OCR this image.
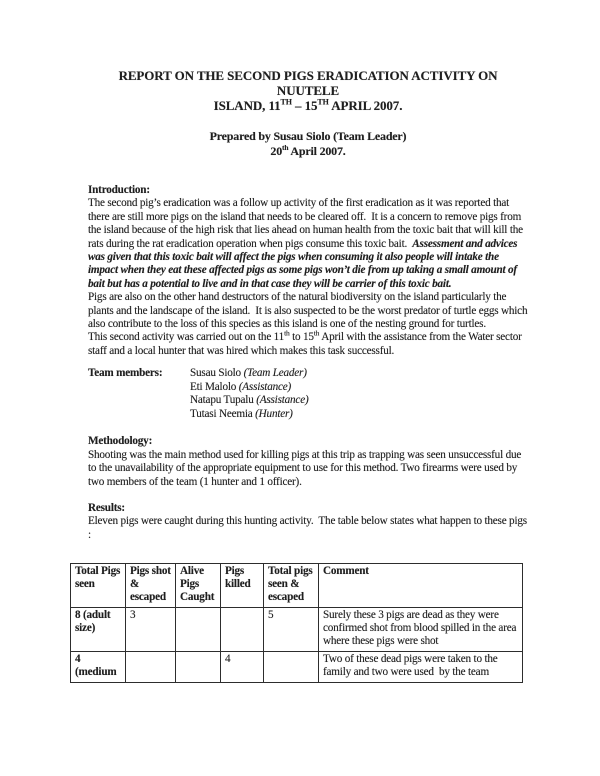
REPORT ON THE SECOND PIGS ERADICATION ACTIVITY ON NUUTELE
ISLAND, 11TH – 15TH APRIL 2007.
Prepared by Susau Siolo (Team Leader)
20th April 2007.
Introduction:

The second pig’s eradication was a follow up activity of the first eradication as it was reported that there are still more pigs on the island that needs to be cleared off.  It is a concern to remove pigs from the island because of the high risk that lies ahead on human health from the toxic bait that will kill the rats during the rat eradication operation when pigs consume this toxic bait.  Assessment and advices was given that this toxic bait will affect the pigs when consuming it also people will intake the impact when they eat these affected pigs as some pigs won’t die from up taking a small amount of bait but has a potential to live and in that case they will be carrier of this toxic bait.

Pigs are also on the other hand destructors of the natural biodiversity on the island particularly the plants and the landscape of the island.  It is also suspected to be the worst predator of turtle eggs which also contribute to the loss of this species as this island is one of the nesting ground for turtles.

This second activity was carried out on the 11th to 15th April with the assistance from the Water sector staff and a local hunter that was hired which makes this task successful.

Team members:	Susau Siolo (Team Leader)
Eti Malolo (Assistance)
Natapu Tupalu (Assistance)
Tutasi Neemia (Hunter)
Methodology:

Shooting was the main method used for killing pigs at this trip as trapping was seen unsuccessful due to the unavailability of the appropriate equipment to use for this method. Two firearms were used by two members of the team (1 hunter and 1 officer).

Results:

Eleven pigs were caught during this hunting activity.  The table below states what happen to these pigs :

Total Pigs seen	Pigs shot & escaped	Alive Pigs Caught	Pigs killed	Total pigs seen & escaped	Comment
8 (adult size)	3			5	Surely these 3 pigs are dead as they were confirmed shot from blood spilled in the area where these pigs were shot
4 (medium			4		Two of these dead pigs were taken to the family and two were used  by the team
